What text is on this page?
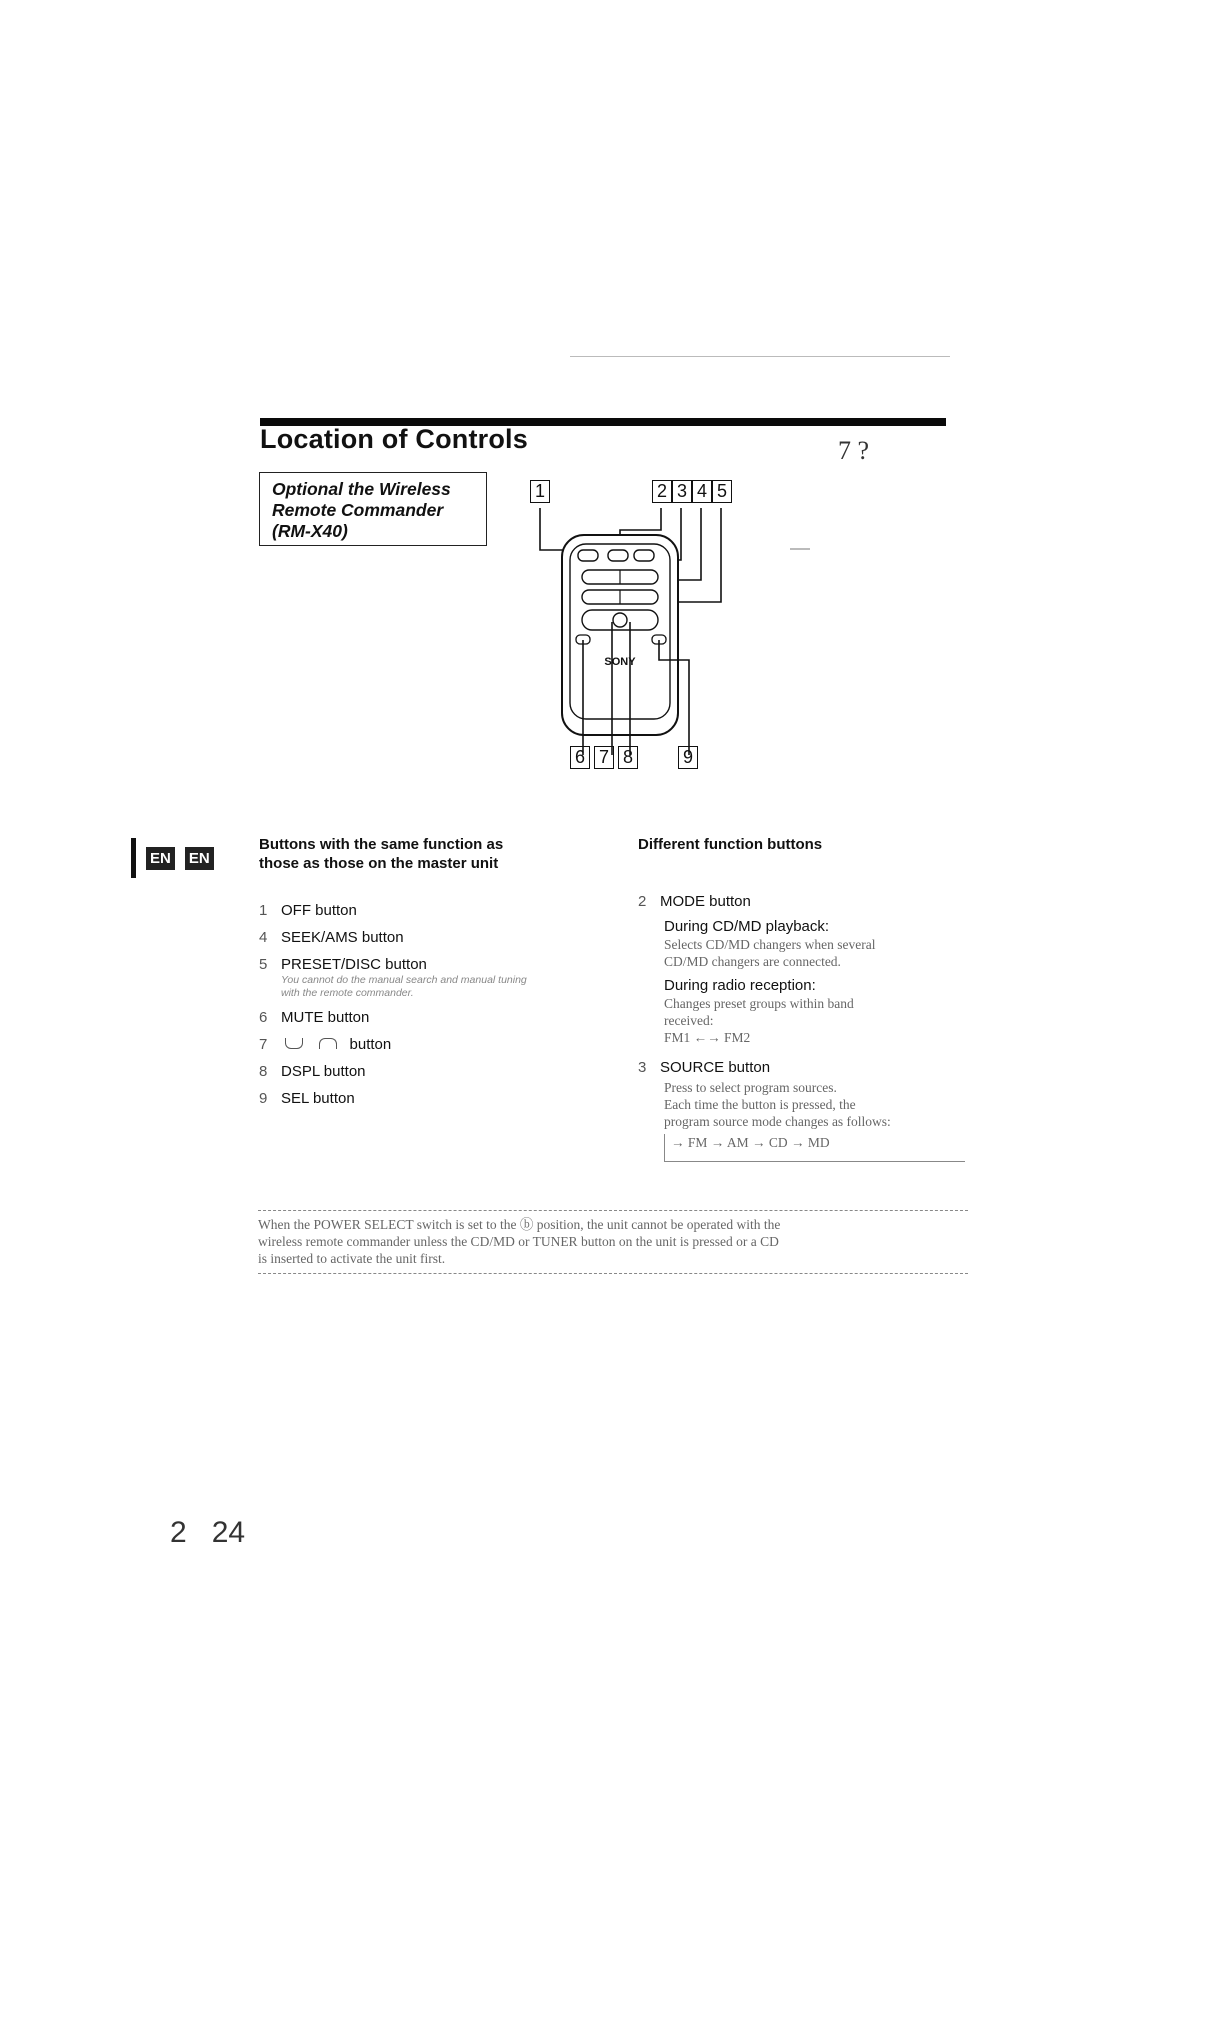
Location of Controls	7 ?
Optional the Wireless
Remote Commander
(RM-X40)
1	2 3 4 5
SONY
6 7 8	9
EN EN
Buttons with the same function as
those as those on the master unit
1 OFF button
4 SEEK/AMS button
5 PRESET/DISC button
You cannot do the manual search and manual tuning
with the remote commander.
6 MUTE button
7	button
8 DSPL button
9 SEL button
Different function buttons
2 MODE button
During CD/MD playback:
Selects CD/MD changers when several
CD/MD changers are connected.
During radio reception:
Changes preset groups within band
received:
FM1 ←→ FM2
3 SOURCE button
Press to select program sources.
Each time the button is pressed, the
program source mode changes as follows:
→ FM → AM → CD → MD
When the POWER SELECT switch is set to the ⓑ position, the unit cannot be operated with the
wireless remote commander unless the CD/MD or TUNER button on the unit is pressed or a CD
is inserted to activate the unit first.
2   24
